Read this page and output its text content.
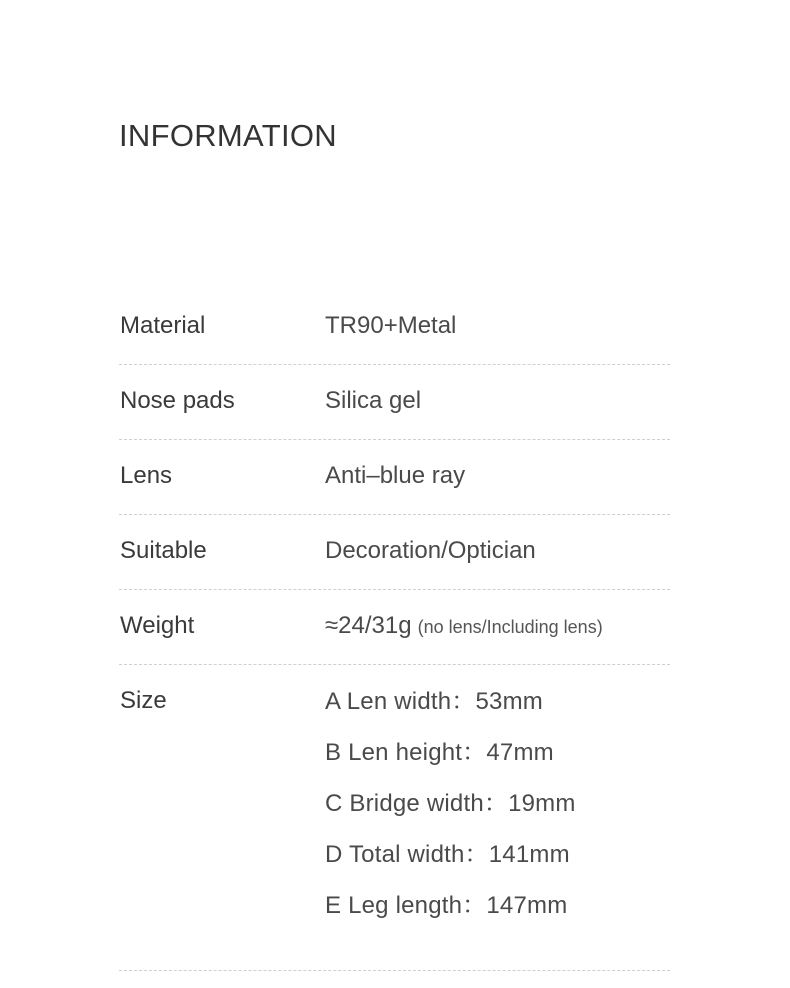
INFORMATION
Material	TR90+Metal
Nose pads	Silica gel
Lens	Anti–blue ray
Suitable	Decoration/Optician
Weight	≈24/31g (no lens/Including lens)
Size	A Len width：53mm
B Len height：47mm
C Bridge width：19mm
D Total width：141mm
E Leg length：147mm
